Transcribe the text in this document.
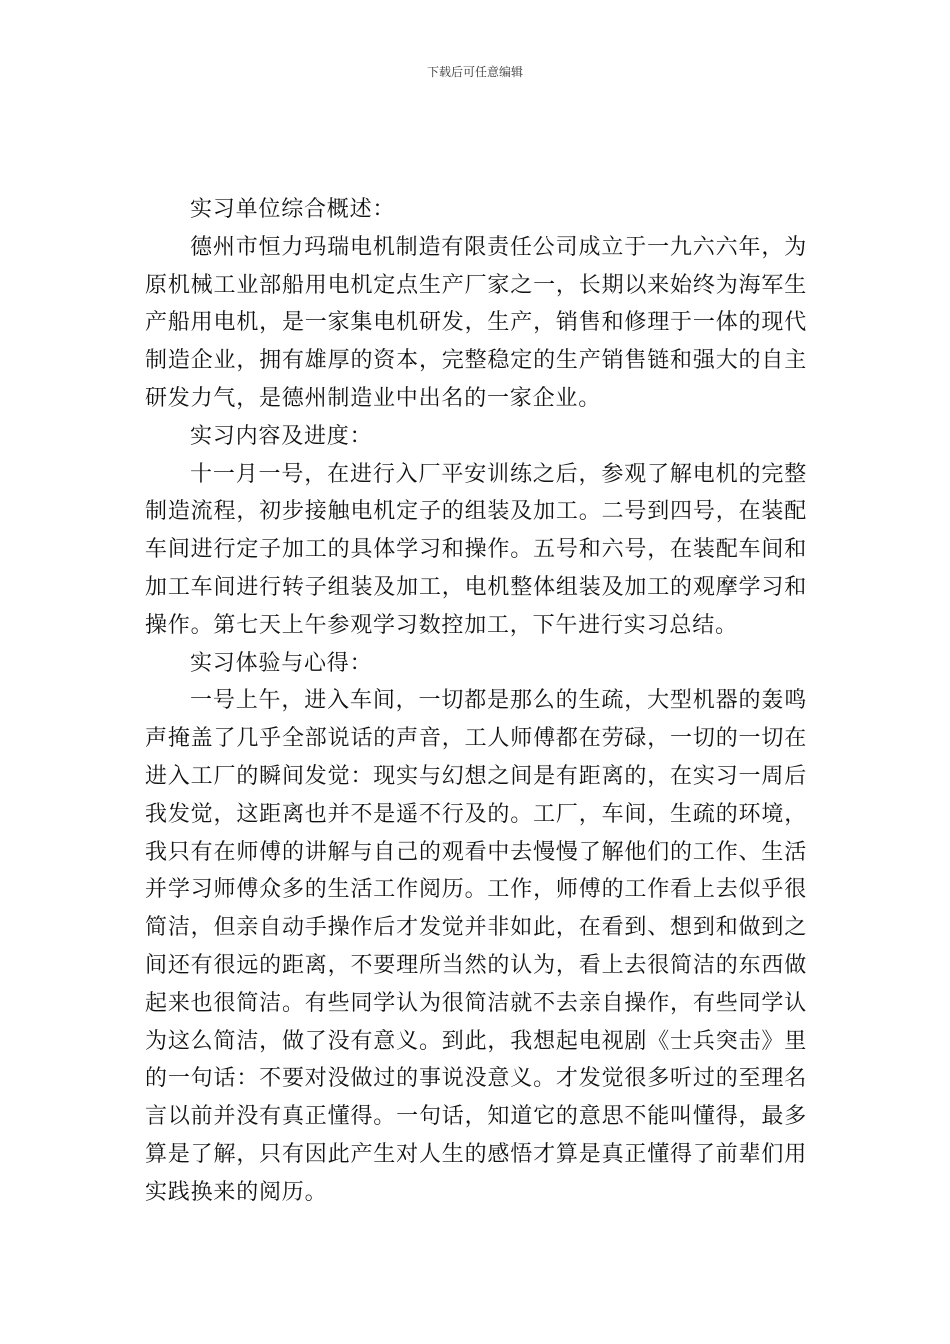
下载后可任意编辑

实习单位综合概述：

德州市恒力玛瑞电机制造有限责任公司成立于一九六六年，为原机械工业部船用电机定点生产厂家之一，长期以来始终为海军生产船用电机，是一家集电机研发，生产，销售和修理于一体的现代制造企业，拥有雄厚的资本，完整稳定的生产销售链和强大的自主研发力气，是德州制造业中出名的一家企业。

实习内容及进度：

十一月一号，在进行入厂平安训练之后，参观了解电机的完整制造流程，初步接触电机定子的组装及加工。二号到四号，在装配车间进行定子加工的具体学习和操作。五号和六号，在装配车间和加工车间进行转子组装及加工，电机整体组装及加工的观摩学习和操作。第七天上午参观学习数控加工，下午进行实习总结。

实习体验与心得：

一号上午，进入车间，一切都是那么的生疏，大型机器的轰鸣声掩盖了几乎全部说话的声音，工人师傅都在劳碌，一切的一切在进入工厂的瞬间发觉：现实与幻想之间是有距离的，在实习一周后我发觉，这距离也并不是遥不行及的。工厂，车间，生疏的环境，我只有在师傅的讲解与自己的观看中去慢慢了解他们的工作、生活并学习师傅众多的生活工作阅历。工作，师傅的工作看上去似乎很简洁，但亲自动手操作后才发觉并非如此，在看到、想到和做到之间还有很远的距离，不要理所当然的认为，看上去很简洁的东西做起来也很简洁。有些同学认为很简洁就不去亲自操作，有些同学认为这么简洁，做了没有意义。到此，我想起电视剧《士兵突击》里的一句话：不要对没做过的事说没意义。才发觉很多听过的至理名言以前并没有真正懂得。一句话，知道它的意思不能叫懂得，最多算是了解，只有因此产生对人生的感悟才算是真正懂得了前辈们用实践换来的阅历。
